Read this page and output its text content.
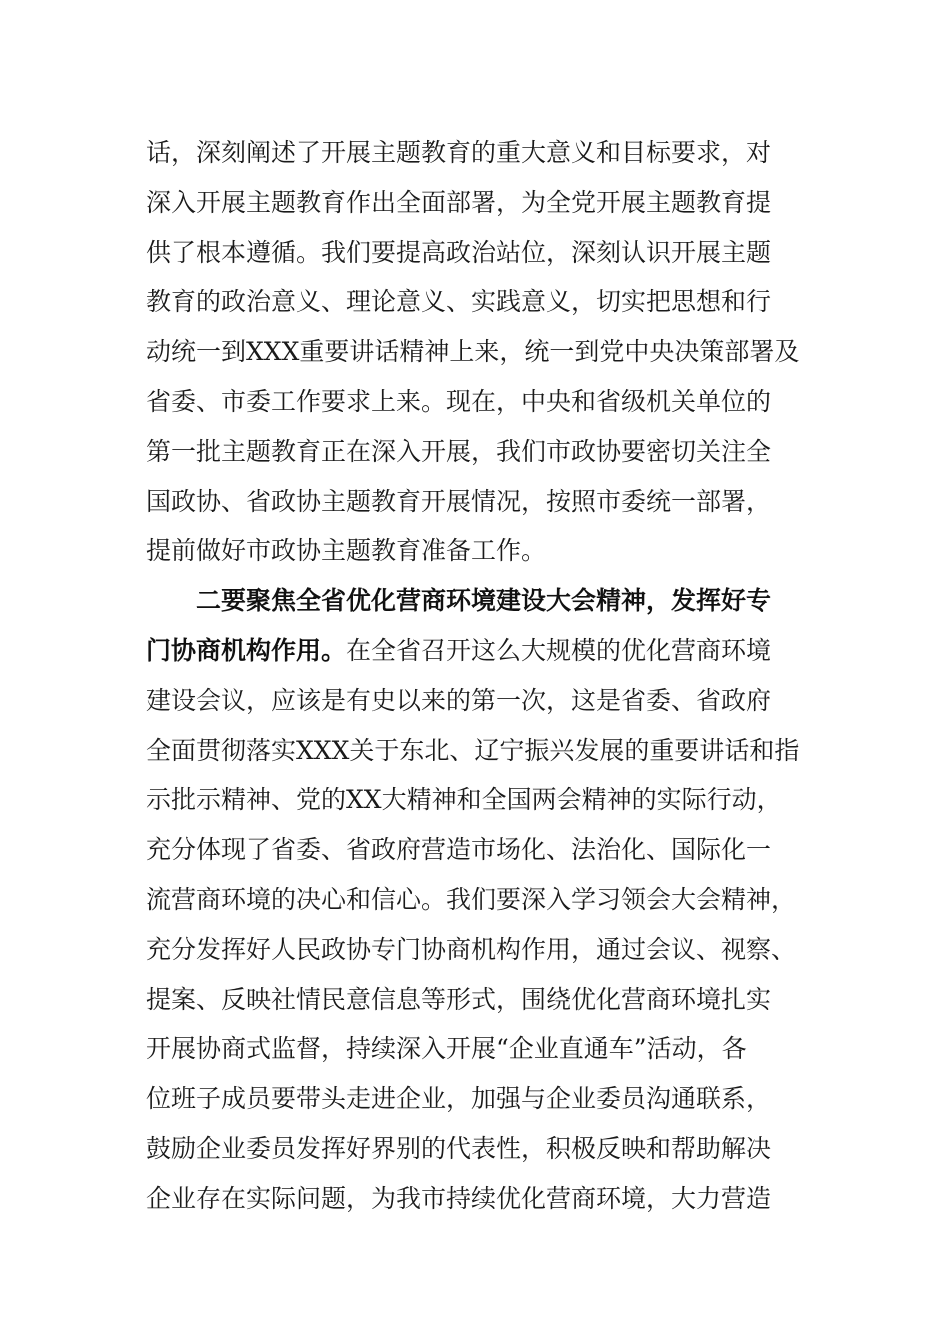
话，深刻阐述了开展主题教育的重大意义和目标要求，对
深入开展主题教育作出全面部署，为全党开展主题教育提
供了根本遵循。我们要提高政治站位，深刻认识开展主题
教育的政治意义、理论意义、实践意义，切实把思想和行
动统一到XXX重要讲话精神上来，统一到党中央决策部署及
省委、市委工作要求上来。现在，中央和省级机关单位的
第一批主题教育正在深入开展，我们市政协要密切关注全
国政协、省政协主题教育开展情况，按照市委统一部署，
提前做好市政协主题教育准备工作。
二要聚焦全省优化营商环境建设大会精神，发挥好专
门协商机构作用。在全省召开这么大规模的优化营商环境
建设会议，应该是有史以来的第一次，这是省委、省政府
全面贯彻落实XXX关于东北、辽宁振兴发展的重要讲话和指
示批示精神、党的XX大精神和全国两会精神的实际行动，
充分体现了省委、省政府营造市场化、法治化、国际化一
流营商环境的决心和信心。我们要深入学习领会大会精神，
充分发挥好人民政协专门协商机构作用，通过会议、视察、
提案、反映社情民意信息等形式，围绕优化营商环境扎实
开展协商式监督，持续深入开展“企业直通车”活动，各
位班子成员要带头走进企业，加强与企业委员沟通联系，
鼓励企业委员发挥好界别的代表性，积极反映和帮助解决
企业存在实际问题，为我市持续优化营商环境，大力营造
